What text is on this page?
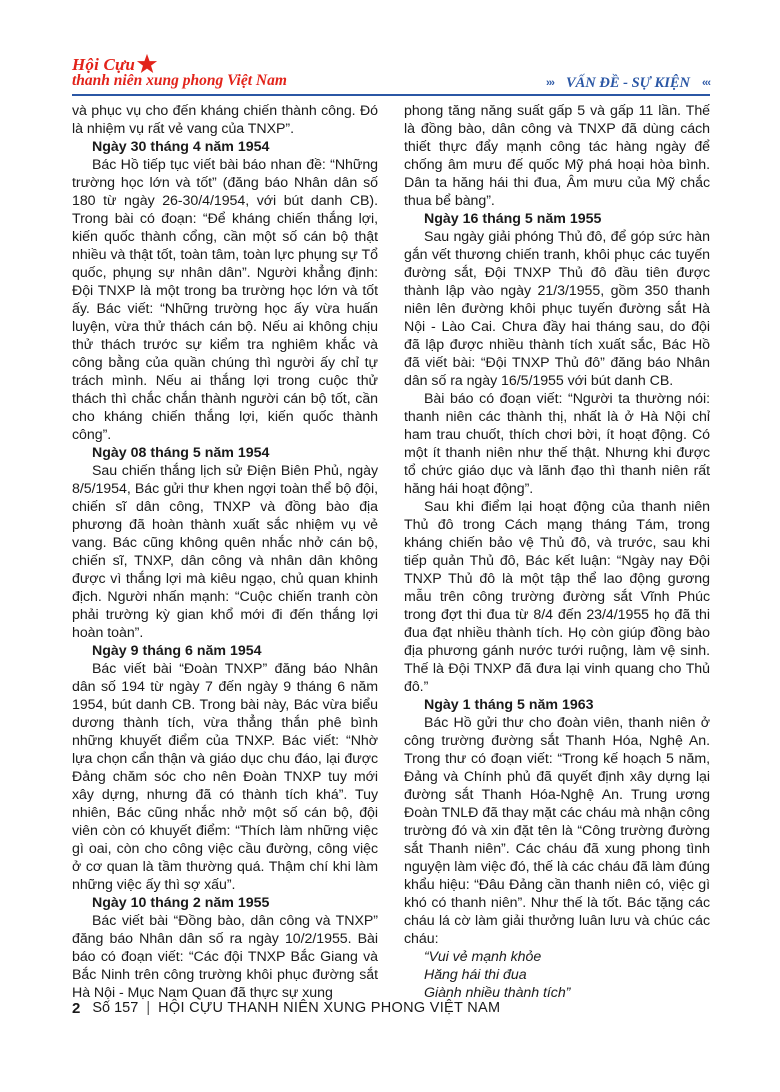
Hội Cựu
thanh niên xung phong Việt Nam	››› VẤN ĐỀ - SỰ KIỆN ‹‹‹

và phục vụ cho đến kháng chiến thành công. Đó là nhiệm vụ rất vẻ vang của TNXP”.

Ngày 30 tháng 4 năm 1954

Bác Hồ tiếp tục viết bài báo nhan đề: “Những trường học lớn và tốt” (đăng báo Nhân dân số 180 từ ngày 26-30/4/1954, với bút danh CB). Trong bài có đoạn: “Để kháng chiến thắng lợi, kiến quốc thành cổng, cần một số cán bộ thật nhiều và thật tốt, toàn tâm, toàn lực phụng sự Tổ quốc, phụng sự nhân dân”. Người khẳng định: Đội TNXP là một trong ba trường học lớn và tốt ấy. Bác viết: “Những trường học ấy vừa huấn luyện, vừa thử thách cán bộ. Nếu ai không chịu thử thách trước sự kiểm tra nghiêm khắc và công bằng của quần chúng thì người ấy chỉ tự trách mình. Nếu ai thắng lợi trong cuộc thử thách thì chắc chắn thành người cán bộ tốt, cần cho kháng chiến thắng lợi, kiến quốc thành công”.

Ngày 08 tháng 5 năm 1954

Sau chiến thắng lịch sử Điện Biên Phủ, ngày 8/5/1954, Bác gửi thư khen ngợi toàn thể bộ đội, chiến sĩ dân công, TNXP và đồng bào địa phương đã hoàn thành xuất sắc nhiệm vụ vẻ vang. Bác cũng không quên nhắc nhở cán bộ, chiến sĩ, TNXP, dân công và nhân dân không được vì thắng lợi mà kiêu ngạo, chủ quan khinh địch. Người nhấn mạnh: “Cuộc chiến tranh còn phải trường kỳ gian khổ mới đi đến thắng lợi hoàn toàn”.

Ngày 9 tháng 6 năm 1954

Bác viết bài “Đoàn TNXP” đăng báo Nhân dân số 194 từ ngày 7 đến ngày 9 tháng 6 năm 1954, bút danh CB. Trong bài này, Bác vừa biểu dương thành tích, vừa thẳng thắn phê bình những khuyết điểm của TNXP. Bác viết: “Nhờ lựa chọn cẩn thận và giáo dục chu đáo, lại được Đảng chăm sóc cho nên Đoàn TNXP tuy mới xây dựng, nhưng đã có thành tích khá”. Tuy nhiên, Bác cũng nhắc nhở một số cán bộ, đội viên còn có khuyết điểm: “Thích làm những việc gì oai, còn cho công việc cầu đường, công việc ở cơ quan là tầm thường quá. Thậm chí khi làm những việc ấy thì sợ xấu”.

Ngày 10 tháng 2 năm 1955

Bác viết bài “Đồng bào, dân công và TNXP” đăng báo Nhân dân số ra ngày 10/2/1955. Bài báo có đoạn viết: “Các đội TNXP Bắc Giang và Bắc Ninh trên công trường khôi phục đường sắt Hà Nội - Mục Nam Quan đã thực sự xung

phong tăng năng suất gấp 5 và gấp 11 lần. Thế là đồng bào, dân công và TNXP đã dùng cách thiết thực đẩy mạnh công tác hàng ngày để chống âm mưu đế quốc Mỹ phá hoại hòa bình. Dân ta hăng hái thi đua, Âm mưu của Mỹ chắc thua bể bàng”.

Ngày 16 tháng 5 năm 1955

Sau ngày giải phóng Thủ đô, để góp sức hàn gắn vết thương chiến tranh, khôi phục các tuyến đường sắt, Đội TNXP Thủ đô đầu tiên được thành lập vào ngày 21/3/1955, gồm 350 thanh niên lên đường khôi phục tuyến đường sắt Hà Nội - Lào Cai. Chưa đầy hai tháng sau, do đội đã lập được nhiều thành tích xuất sắc, Bác Hồ đã viết bài: “Đội TNXP Thủ đô” đăng báo Nhân dân số ra ngày 16/5/1955 với bút danh CB.

Bài báo có đoạn viết: “Người ta thường nói: thanh niên các thành thị, nhất là ở Hà Nội chỉ ham trau chuốt, thích chơi bời, ít hoạt động. Có một ít thanh niên như thế thật. Nhưng khi được tổ chức giáo dục và lãnh đạo thì thanh niên rất hăng hái hoạt động”.

Sau khi điểm lại hoạt động của thanh niên Thủ đô trong Cách mạng tháng Tám, trong kháng chiến bảo vệ Thủ đô, và trước, sau khi tiếp quản Thủ đô, Bác kết luận: “Ngày nay Đội TNXP Thủ đô là một tập thể lao động gương mẫu trên công trường đường sắt Vĩnh Phúc trong đợt thi đua từ 8/4 đến 23/4/1955 họ đã thi đua đạt nhiều thành tích. Họ còn giúp đồng bào địa phương gánh nước tưới ruộng, làm vệ sinh. Thế là Đội TNXP đã đưa lại vinh quang cho Thủ đô.”

Ngày 1 tháng 5 năm 1963

Bác Hồ gửi thư cho đoàn viên, thanh niên ở công trường đường sắt Thanh Hóa, Nghệ An. Trong thư có đoạn viết: “Trong kế hoạch 5 năm, Đảng và Chính phủ đã quyết định xây dựng lại đường sắt Thanh Hóa-Nghệ An. Trung ương Đoàn TNLĐ đã thay mặt các cháu mà nhận công trường đó và xin đặt tên là “Công trường đường sắt Thanh niên”. Các cháu đã xung phong tình nguyện làm việc đó, thế là các cháu đã làm đúng khẩu hiệu: “Đâu Đảng cần thanh niên có, việc gì khó có thanh niên”. Như thế là tốt. Bác tặng các cháu lá cờ làm giải thưởng luân lưu và chúc các cháu:

“Vui vẻ mạnh khỏe

Hăng hái thi đua

Giành nhiều thành tích”

2 Số 157 | HỘI CỰU THANH NIÊN XUNG PHONG VIỆT NAM
